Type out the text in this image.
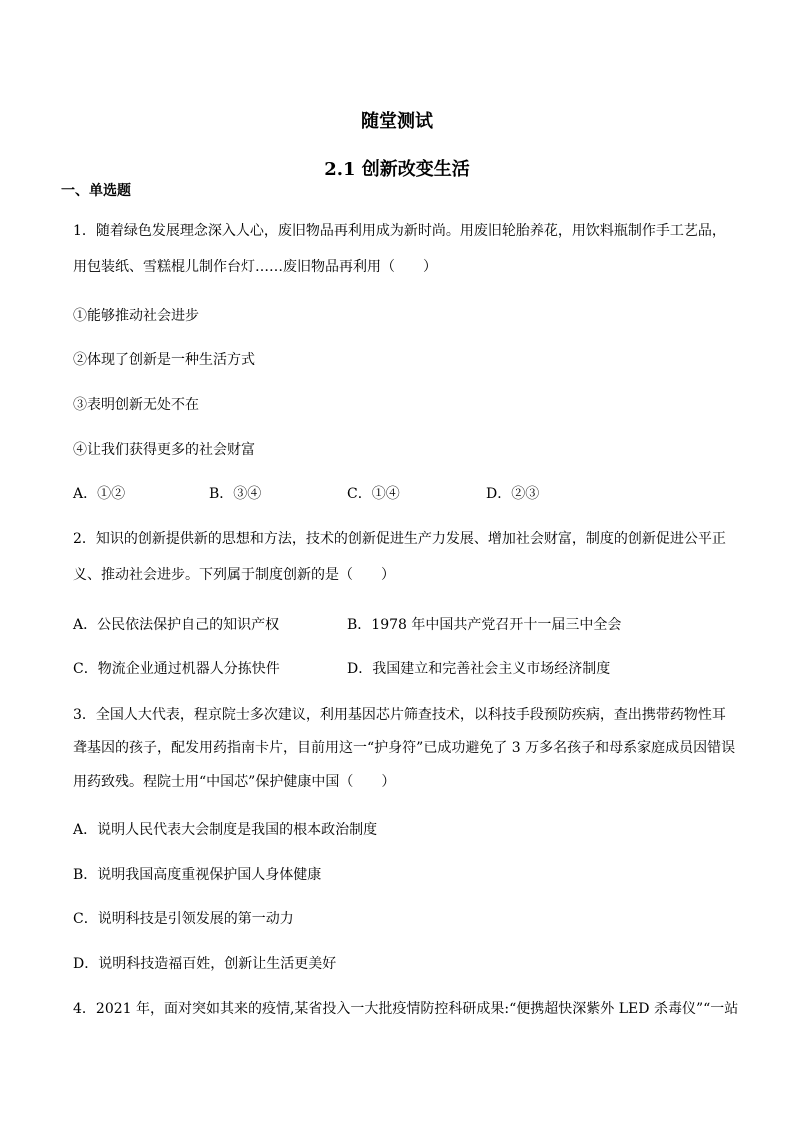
随堂测试
2.1 创新改变生活
一、单选题
1．随着绿色发展理念深入人心，废旧物品再利用成为新时尚。用废旧轮胎养花，用饮料瓶制作手工艺品，
用包装纸、雪糕棍儿制作台灯……废旧物品再利用（　　）
①能够推动社会进步
②体现了创新是一种生活方式
③表明创新无处不在
④让我们获得更多的社会财富
A．①②	B．③④	C．①④	D．②③
2．知识的创新提供新的思想和方法，技术的创新促进生产力发展、增加社会财富，制度的创新促进公平正
义、推动社会进步。下列属于制度创新的是（　　）
A．公民依法保护自己的知识产权	B．1978 年中国共产党召开十一届三中全会
C．物流企业通过机器人分拣快件	D．我国建立和完善社会主义市场经济制度
3．全国人大代表，程京院士多次建议，利用基因芯片筛查技术，以科技手段预防疾病，查出携带药物性耳
聋基因的孩子，配发用药指南卡片，目前用这一“护身符”已成功避免了 3 万多名孩子和母系家庭成员因错误
用药致残。程院士用“中国芯”保护健康中国（　　）
A．说明人民代表大会制度是我国的根本政治制度
B．说明我国高度重视保护国人身体健康
C．说明科技是引领发展的第一动力
D．说明科技造福百姓，创新让生活更美好
4．2021 年，面对突如其来的疫情,某省投入一大批疫情防控科研成果:“便携超快深紫外 LED 杀毒仪”“一站
